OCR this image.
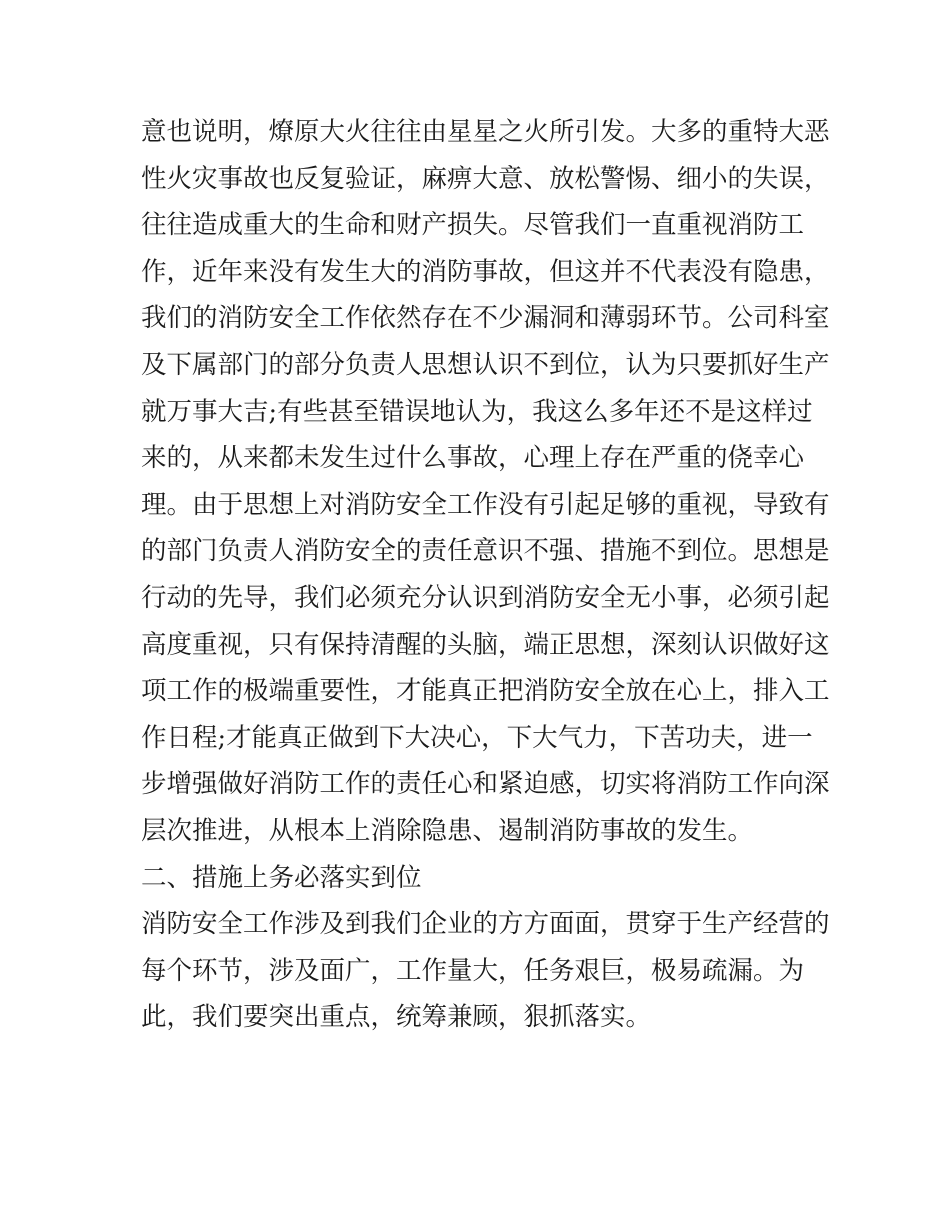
意也说明，燎原大火往往由星星之火所引发。大多的重特大恶
性火灾事故也反复验证，麻痹大意、放松警惕、细小的失误，
往往造成重大的生命和财产损失。尽管我们一直重视消防工
作，近年来没有发生大的消防事故，但这并不代表没有隐患，
我们的消防安全工作依然存在不少漏洞和薄弱环节。公司科室
及下属部门的部分负责人思想认识不到位，认为只要抓好生产
就万事大吉;有些甚至错误地认为，我这么多年还不是这样过
来的，从来都未发生过什么事故，心理上存在严重的侥幸心
理。由于思想上对消防安全工作没有引起足够的重视，导致有
的部门负责人消防安全的责任意识不强、措施不到位。思想是
行动的先导，我们必须充分认识到消防安全无小事，必须引起
高度重视，只有保持清醒的头脑，端正思想，深刻认识做好这
项工作的极端重要性，才能真正把消防安全放在心上，排入工
作日程;才能真正做到下大决心，下大气力，下苦功夫，进一
步增强做好消防工作的责任心和紧迫感，切实将消防工作向深
层次推进，从根本上消除隐患、遏制消防事故的发生。
二、措施上务必落实到位
消防安全工作涉及到我们企业的方方面面，贯穿于生产经营的
每个环节，涉及面广，工作量大，任务艰巨，极易疏漏。为
此，我们要突出重点，统筹兼顾，狠抓落实。
